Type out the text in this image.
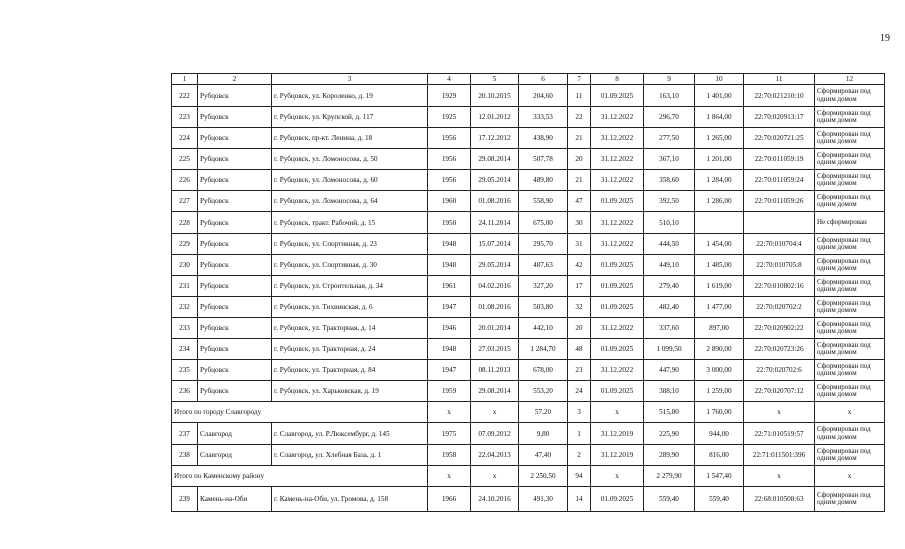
19
1	2	3	4	5	6	7	8	9	10	11	12
222	Рубцовск	г. Рубцовск, ул. Короленко, д. 19	1929	20.10.2015	204,60	11	01.09.2025	163,10	1 401,00	22:70:021210:10	Сформирован под одним домом
223	Рубцовск	г. Рубцовск, ул. Крупской, д. 117	1925	12.01.2012	333,53	22	31.12.2022	296,70	1 864,00	22:70:020913:17	Сформирован под одним домом
224	Рубцовск	г. Рубцовск, пр-кт. Ленина, д. 18	1956	17.12.2012	438,90	21	31.12.2022	277,50	1 265,00	22:70:020721:25	Сформирован под одним домом
225	Рубцовск	г. Рубцовск, ул. Ломоносова, д. 50	1956	29.08.2014	507,78	20	31.12.2022	367,10	1 201,00	22:70:011059:19	Сформирован под одним домом
226	Рубцовск	г. Рубцовск, ул. Ломоносова, д. 60	1956	29.05.2014	489,80	21	31.12.2022	358,60	1 284,00	22:70:011059:24	Сформирован под одним домом
227	Рубцовск	г. Рубцовск, ул. Ломоносова, д. 64	1960	01.08.2016	558,90	47	01.09.2025	392,50	1 286,00	22:70:011059:26	Сформирован под одним домом
228	Рубцовск	г. Рубцовск, тракт. Рабочий, д. 15	1950	24.11.2014	675,00	30	31.12.2022	510,10			Не сформирован
229	Рубцовск	г. Рубцовск, ул. Спортивная, д. 23	1948	15.07.2014	295,70	31	31.12.2022	444,50	1 454,00	22:70:010704:4	Сформирован под одним домом
230	Рубцовск	г. Рубцовск, ул. Спортивная, д. 30	1948	29.05.2014	487,63	42	01.09.2025	449,10	1 485,00	22:70:010705:8	Сформирован под одним домом
231	Рубцовск	г. Рубцовск, ул. Строительная, д. 34	1961	04.02.2016	327,20	17	01.09.2025	279,40	1 619,00	22:70:010802:16	Сформирован под одним домом
232	Рубцовск	г. Рубцовск, ул. Тихвинская, д. 6	1947	01.08.2016	503,80	32	01.09.2025	482,40	1 477,00	22:70:020702:2	Сформирован под одним домом
233	Рубцовск	г. Рубцовск, ул. Тракторная, д. 14	1946	20.01.2014	442,10	20	31.12.2022	337,60	897,00	22:70:020902:22	Сформирован под одним домом
234	Рубцовск	г. Рубцовск, ул. Тракторная, д. 24	1948	27.03.2015	1 284,70	48	01.09.2025	1 099,50	2 890,00	22:70:020723:26	Сформирован под одним домом
235	Рубцовск	г. Рубцовск, ул. Тракторная, д. 84	1947	08.11.2013	678,00	23	31.12.2022	447,90	3 000,00	22:70:020702:6	Сформирован под одним домом
236	Рубцовск	г. Рубцовск, ул. Харьковская, д. 19	1959	29.08.2014	553,20	24	01.09.2025	388,10	1 259,00	22:70:020707:12	Сформирован под одним домом
Итого по городу Славгороду			х	х	57,20	3	х	515,80	1 760,00	х	х
237	Славгород	г. Славгород, ул. Р.Люксембург, д. 145	1975	07.09.2012	9,80	1	31.12.2019	225,90	944,00	22:71:010519:57	Сформирован под одним домом
238	Славгород	г. Славгород, ул. Хлебная База, д. 1	1958	22.04.2013	47,40	2	31.12.2019	289,90	816,00	22:71:011501:396	Сформирован под одним домом
Итого по Каменскому району			х	х	2 250,50	94	х	2 279,90	1 547,40	х	х
239	Камень-на-Оби	г. Камень-на-Оби, ул. Громова, д. 158	1966	24.10.2016	491,30	14	01.09.2025	559,40	559,40	22:68:010508:63	Сформирован под одним домом
